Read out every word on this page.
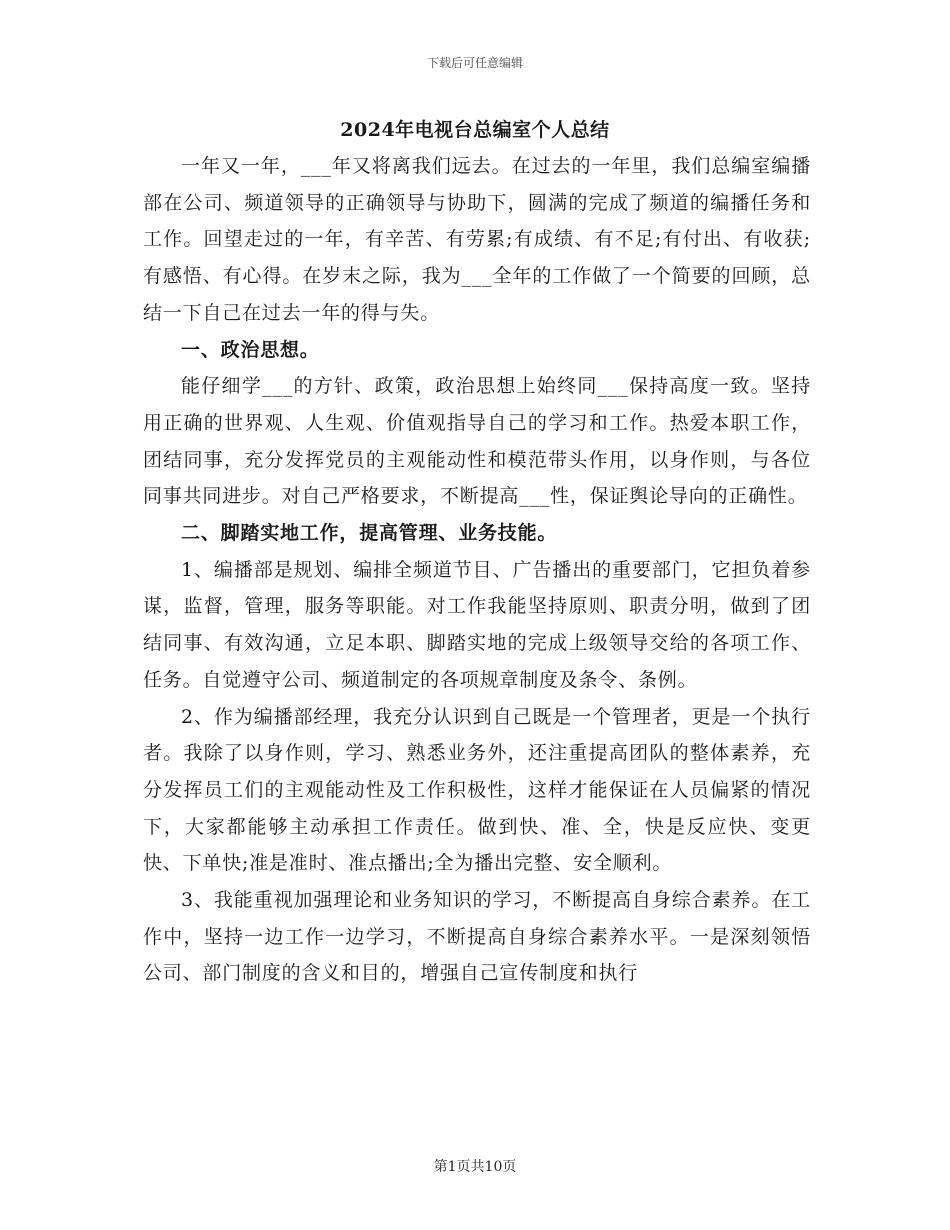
下载后可任意编辑
2024年电视台总编室个人总结

一年又一年，___年又将离我们远去。在过去的一年里，我们总编室编播部在公司、频道领导的正确领导与协助下，圆满的完成了频道的编播任务和工作。回望走过的一年，有辛苦、有劳累;有成绩、有不足;有付出、有收获;有感悟、有心得。在岁末之际，我为___全年的工作做了一个简要的回顾，总结一下自己在过去一年的得与失。

一、政治思想。

能仔细学___的方针、政策，政治思想上始终同___保持高度一致。坚持用正确的世界观、人生观、价值观指导自己的学习和工作。热爱本职工作，团结同事，充分发挥党员的主观能动性和模范带头作用，以身作则，与各位同事共同进步。对自己严格要求，不断提高___性，保证舆论导向的正确性。

二、脚踏实地工作，提高管理、业务技能。

1、编播部是规划、编排全频道节目、广告播出的重要部门，它担负着参谋，监督，管理，服务等职能。对工作我能坚持原则、职责分明，做到了团结同事、有效沟通，立足本职、脚踏实地的完成上级领导交给的各项工作、任务。自觉遵守公司、频道制定的各项规章制度及条令、条例。

2、作为编播部经理，我充分认识到自己既是一个管理者，更是一个执行者。我除了以身作则，学习、熟悉业务外，还注重提高团队的整体素养，充分发挥员工们的主观能动性及工作积极性，这样才能保证在人员偏紧的情况下，大家都能够主动承担工作责任。做到快、准、全，快是反应快、变更快、下单快;准是准时、准点播出;全为播出完整、安全顺利。

3、我能重视加强理论和业务知识的学习，不断提高自身综合素养。在工作中，坚持一边工作一边学习，不断提高自身综合素养水平。一是深刻领悟公司、部门制度的含义和目的，增强自己宣传制度和执行

第1页共10页
